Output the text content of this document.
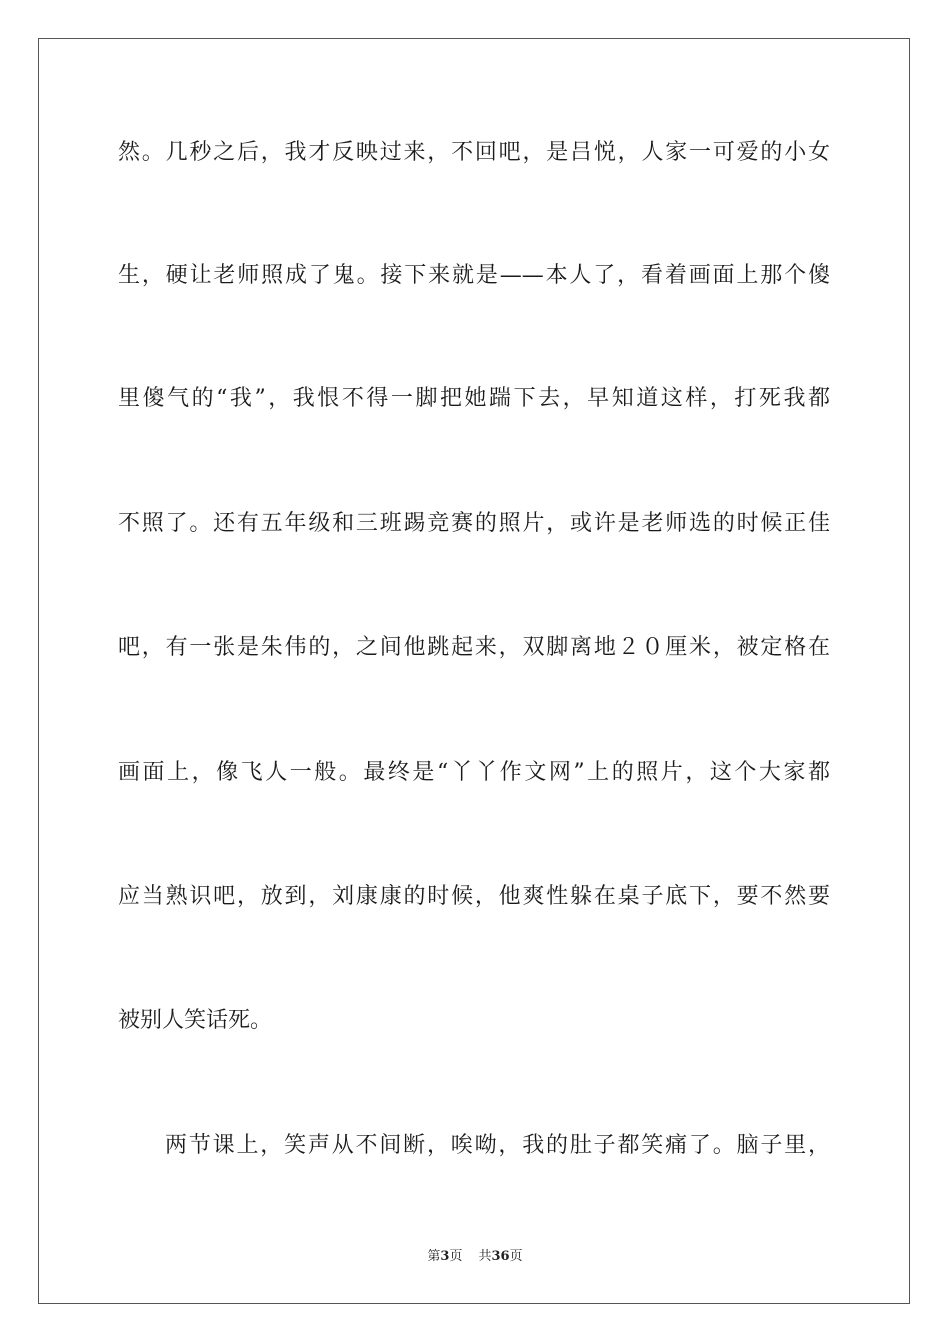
然。几秒之后，我才反映过来，不回吧，是吕悦，人家一可爱的小女
生，硬让老师照成了鬼。接下来就是——本人了，看着画面上那个傻
里傻气的“我”，我恨不得一脚把她踹下去，早知道这样，打死我都
不照了。还有五年级和三班踢竞赛的照片，或许是老师选的时候正佳
吧，有一张是朱伟的，之间他跳起来，双脚离地２０厘米，被定格在
画面上，像飞人一般。最终是“丫丫作文网”上的照片，这个大家都
应当熟识吧，放到，刘康康的时候，他爽性躲在桌子底下，要不然要
被别人笑话死。
两节课上，笑声从不间断，唉呦，我的肚子都笑痛了。脑子里，
第3页 共36页
